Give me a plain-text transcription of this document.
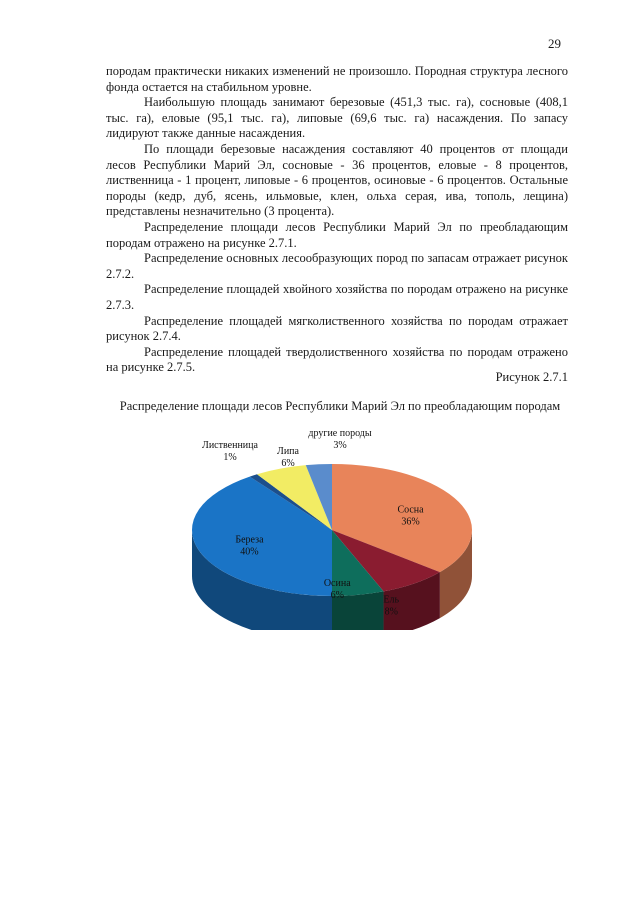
29

породам практически никаких изменений не произошло. Породная структура лесного фонда остается на стабильном уровне.

Наибольшую площадь занимают березовые (451,3 тыс. га), сосновые (408,1 тыс. га), еловые (95,1 тыс. га), липовые (69,6 тыс. га) насаждения. По запасу лидируют также данные насаждения.

По площади березовые насаждения составляют 40 процентов от площади лесов Республики Марий Эл, сосновые - 36 процентов, еловые - 8 процентов, лиственница - 1 процент, липовые - 6 процентов, осиновые - 6 процентов. Остальные породы (кедр, дуб, ясень, ильмовые, клен, ольха серая, ива, тополь, лещина) представлены незначительно (3 процента).

Распределение площади лесов Республики Марий Эл по преобладающим породам отражено на рисунке 2.7.1.

Распределение основных лесообразующих пород по запасам отражает рисунок 2.7.2.

Распределение площадей хвойного хозяйства по породам отражено на рисунке 2.7.3.

Распределение площадей мягколиственного хозяйства по породам отражает рисунок 2.7.4.

Распределение площадей твердолиственного хозяйства по породам отражено на рисунке 2.7.5.

Рисунок 2.7.1
Распределение площади лесов Республики Марий Эл по преобладающим породам
Сосна
36%
Ель
8%
Осина
6%
Береза
40%
Лиственница
1%
Липа
6%
другие породы
3%
